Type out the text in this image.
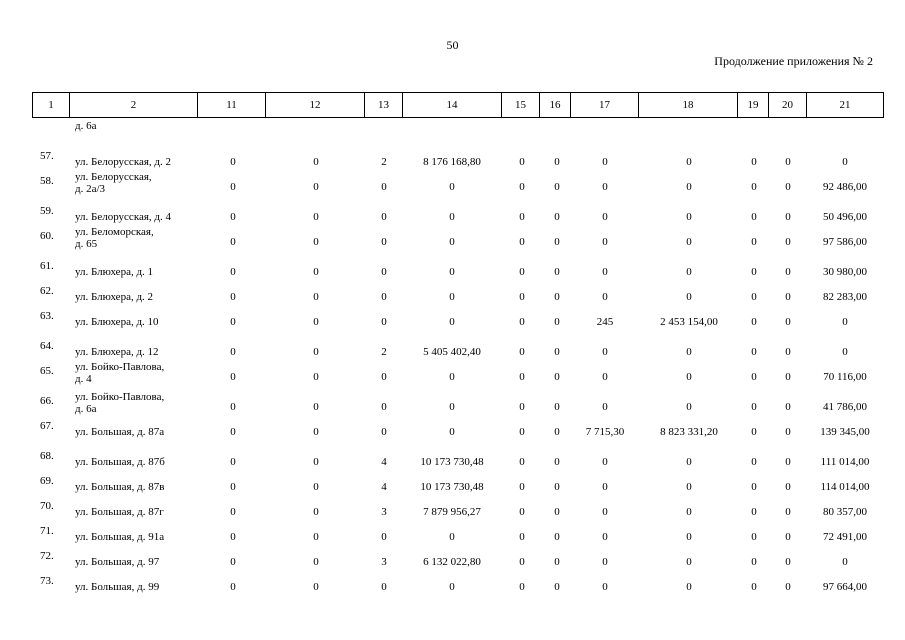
50
Продолжение приложения № 2
1	2	11	12	13	14	15	16	17	18	19	20	21
д. 6а
57. ул. Белорусская, д. 2	0	0	2	8 176 168,80	0	0	0	0	0	0	0
58. ул. Белорусская,
д. 2а/3	0	0	0	0	0	0	0	0	0	0	92 486,00
59. ул. Белорусская, д. 4	0	0	0	0	0	0	0	0	0	0	50 496,00
60. ул. Беломорская,
д. 65	0	0	0	0	0	0	0	0	0	0	97 586,00
61. ул. Блюхера, д. 1	0	0	0	0	0	0	0	0	0	0	30 980,00
62. ул. Блюхера, д. 2	0	0	0	0	0	0	0	0	0	0	82 283,00
63. ул. Блюхера, д. 10	0	0	0	0	0	0	245	2 453 154,00	0	0	0
64. ул. Блюхера, д. 12	0	0	2	5 405 402,40	0	0	0	0	0	0	0
65. ул. Бойко-Павлова,
д. 4	0	0	0	0	0	0	0	0	0	0	70 116,00
66. ул. Бойко-Павлова,
д. 6а	0	0	0	0	0	0	0	0	0	0	41 786,00
67. ул. Большая, д. 87а	0	0	0	0	0	0	7 715,30	8 823 331,20	0	0	139 345,00
68. ул. Большая, д. 87б	0	0	4	10 173 730,48	0	0	0	0	0	0	111 014,00
69. ул. Большая, д. 87в	0	0	4	10 173 730,48	0	0	0	0	0	0	114 014,00
70. ул. Большая, д. 87г	0	0	3	7 879 956,27	0	0	0	0	0	0	80 357,00
71. ул. Большая, д. 91а	0	0	0	0	0	0	0	0	0	0	72 491,00
72. ул. Большая, д. 97	0	0	3	6 132 022,80	0	0	0	0	0	0	0
73. ул. Большая, д. 99	0	0	0	0	0	0	0	0	0	0	97 664,00
